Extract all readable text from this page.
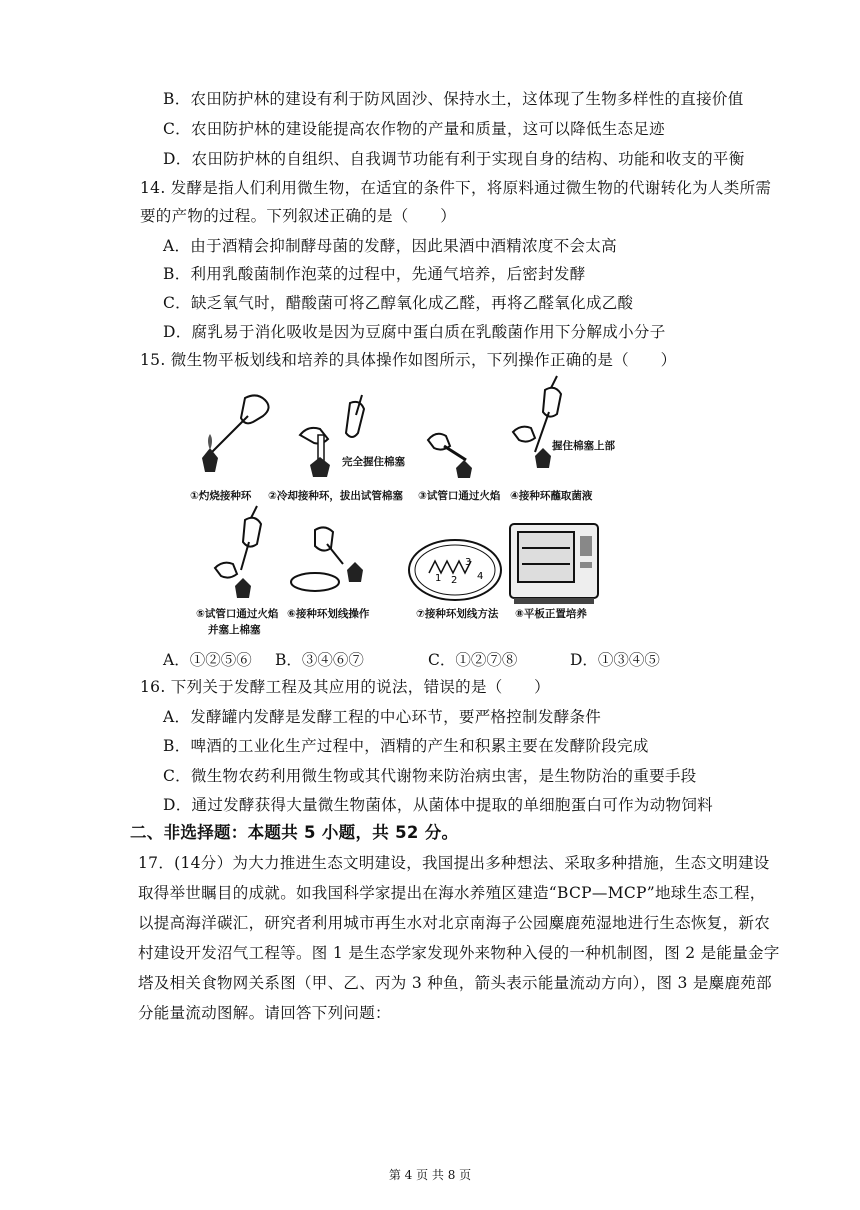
B．农田防护林的建设有利于防风固沙、保持水土，这体现了生物多样性的直接价值
C．农田防护林的建设能提高农作物的产量和质量，这可以降低生态足迹
D．农田防护林的自组织、自我调节功能有利于实现自身的结构、功能和收支的平衡
14. 发酵是指人们利用微生物，在适宜的条件下，将原料通过微生物的代谢转化为人类所需
要的产物的过程。下列叙述正确的是（　　）
A．由于酒精会抑制酵母菌的发酵，因此果酒中酒精浓度不会太高
B．利用乳酸菌制作泡菜的过程中，先通气培养，后密封发酵
C．缺乏氧气时，醋酸菌可将乙醇氧化成乙醛，再将乙醛氧化成乙酸
D．腐乳易于消化吸收是因为豆腐中蛋白质在乳酸菌作用下分解成小分子
15. 微生物平板划线和培养的具体操作如图所示，下列操作正确的是（　　）
完全握住棉塞
握住棉塞上部
①灼烧接种环 ②冷却接种环，拔出试管棉塞 ③试管口通过火焰 ④接种环蘸取菌液
1 2
3
4
⑤试管口通过火焰
并塞上棉塞
⑥接种环划线操作	⑦接种环划线方法 ⑧平板正置培养
A．①②⑤⑥ B．③④⑥⑦	C．①②⑦⑧	D．①③④⑤
16. 下列关于发酵工程及其应用的说法，错误的是（　　）
A．发酵罐内发酵是发酵工程的中心环节，要严格控制发酵条件
B．啤酒的工业化生产过程中，酒精的产生和积累主要在发酵阶段完成
C．微生物农药利用微生物或其代谢物来防治病虫害，是生物防治的重要手段
D．通过发酵获得大量微生物菌体，从菌体中提取的单细胞蛋白可作为动物饲料
二、非选择题：本题共 5 小题，共 52 分。
17．(14分）为大力推进生态文明建设，我国提出多种想法、采取多种措施，生态文明建设
取得举世瞩目的成就。如我国科学家提出在海水养殖区建造“BCP—MCP”地球生态工程，
以提高海洋碳汇，研究者利用城市再生水对北京南海子公园麋鹿苑湿地进行生态恢复，新农
村建设开发沼气工程等。图 1 是生态学家发现外来物种入侵的一种机制图，图 2 是能量金字
塔及相关食物网关系图（甲、乙、丙为 3 种鱼，箭头表示能量流动方向），图 3 是麋鹿苑部
分能量流动图解。请回答下列问题：
第 4 页 共 8 页
